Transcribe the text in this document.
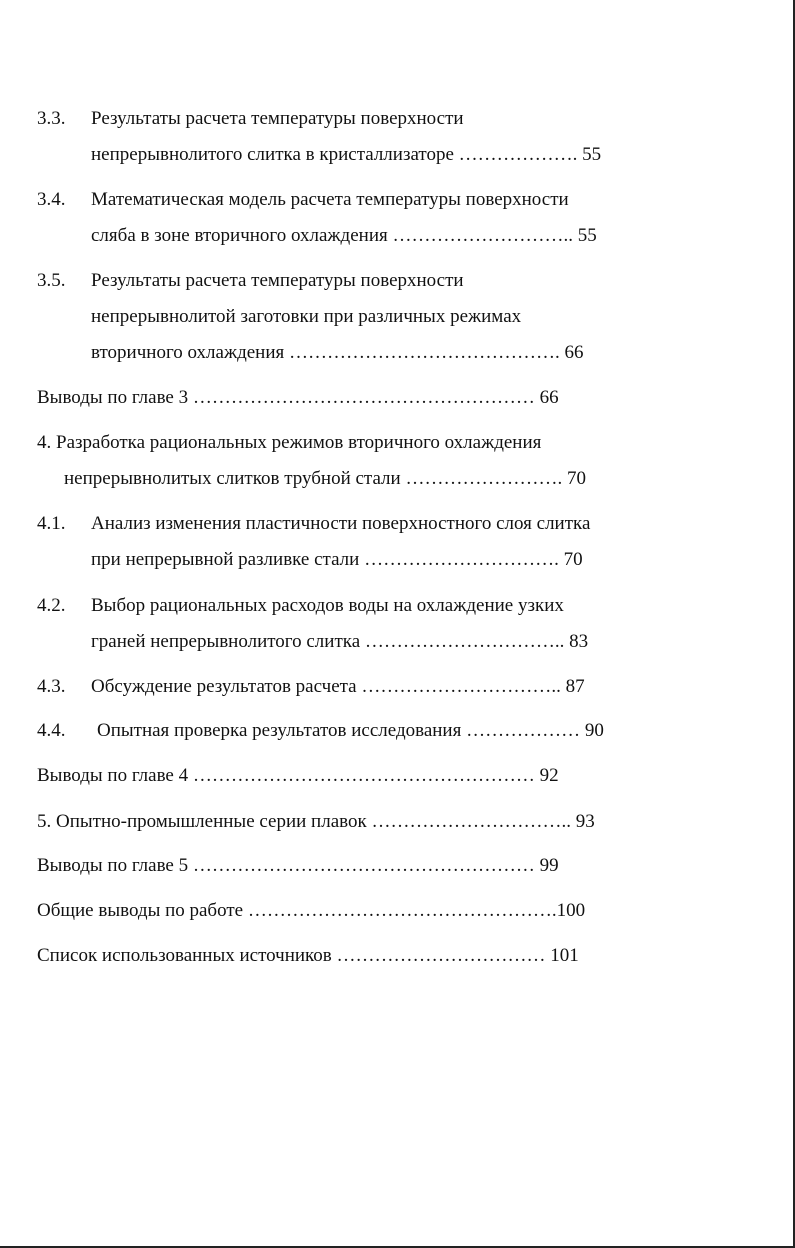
3.3. Результаты расчета температуры поверхности
непрерывнолитого слитка в кристаллизаторе ………………. 55
3.4. Математическая модель расчета температуры поверхности
сляба в зоне вторичного охлаждения ……………………….. 55
3.5. Результаты расчета температуры поверхности
непрерывнолитой заготовки при различных режимах
вторичного охлаждения ……………………………………. 66
Выводы по главе 3 ……………………………………………… 66
4. Разработка рациональных режимов вторичного охлаждения
непрерывнолитых слитков трубной стали ……………………. 70
4.1. Анализ изменения пластичности поверхностного слоя слитка
при непрерывной разливке стали …………………………. 70
4.2. Выбор рациональных расходов воды на охлаждение узких
граней непрерывнолитого слитка ………………………….. 83
4.3. Обсуждение результатов расчета ………………………….. 87
4.4. Опытная проверка результатов исследования ……………… 90
Выводы по главе 4 ……………………………………………… 92
5. Опытно-промышленные серии плавок ………………………….. 93
Выводы по главе 5 ……………………………………………… 99
Общие выводы по работе ………………………………………….100
Список использованных источников …………………………… 101
